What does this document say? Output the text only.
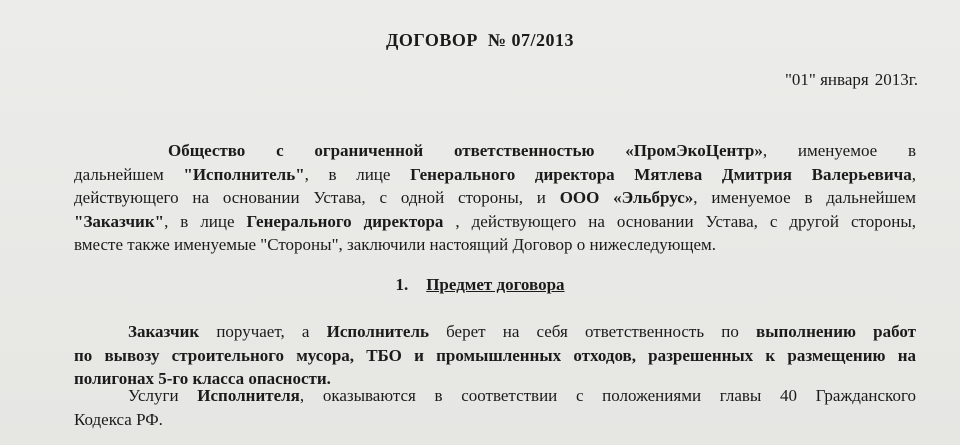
ДОГОВОР № 07/2013
"01" января 2013г.
Общество с ограниченной ответственностью «ПромЭкоЦентр», именуемое в
дальнейшем "Исполнитель", в лице Генерального директора Мятлева Дмитрия Валерьевича,
действующего на основании Устава, с одной стороны, и ООО «Эльбрус», именуемое в дальнейшем
"Заказчик", в лице Генерального директора , действующего на основании Устава, с другой стороны,
вместе также именуемые "Стороны", заключили настоящий Договор о нижеследующем.
1. Предмет договора
Заказчик поручает, а Исполнитель берет на себя ответственность по выполнению работ
по вывозу строительного мусора, ТБО и промышленных отходов, разрешенных к размещению на
полигонах 5-го класса опасности.
Услуги Исполнителя, оказываются в соответствии с положениями главы 40 Гражданского
Кодекса РФ.
